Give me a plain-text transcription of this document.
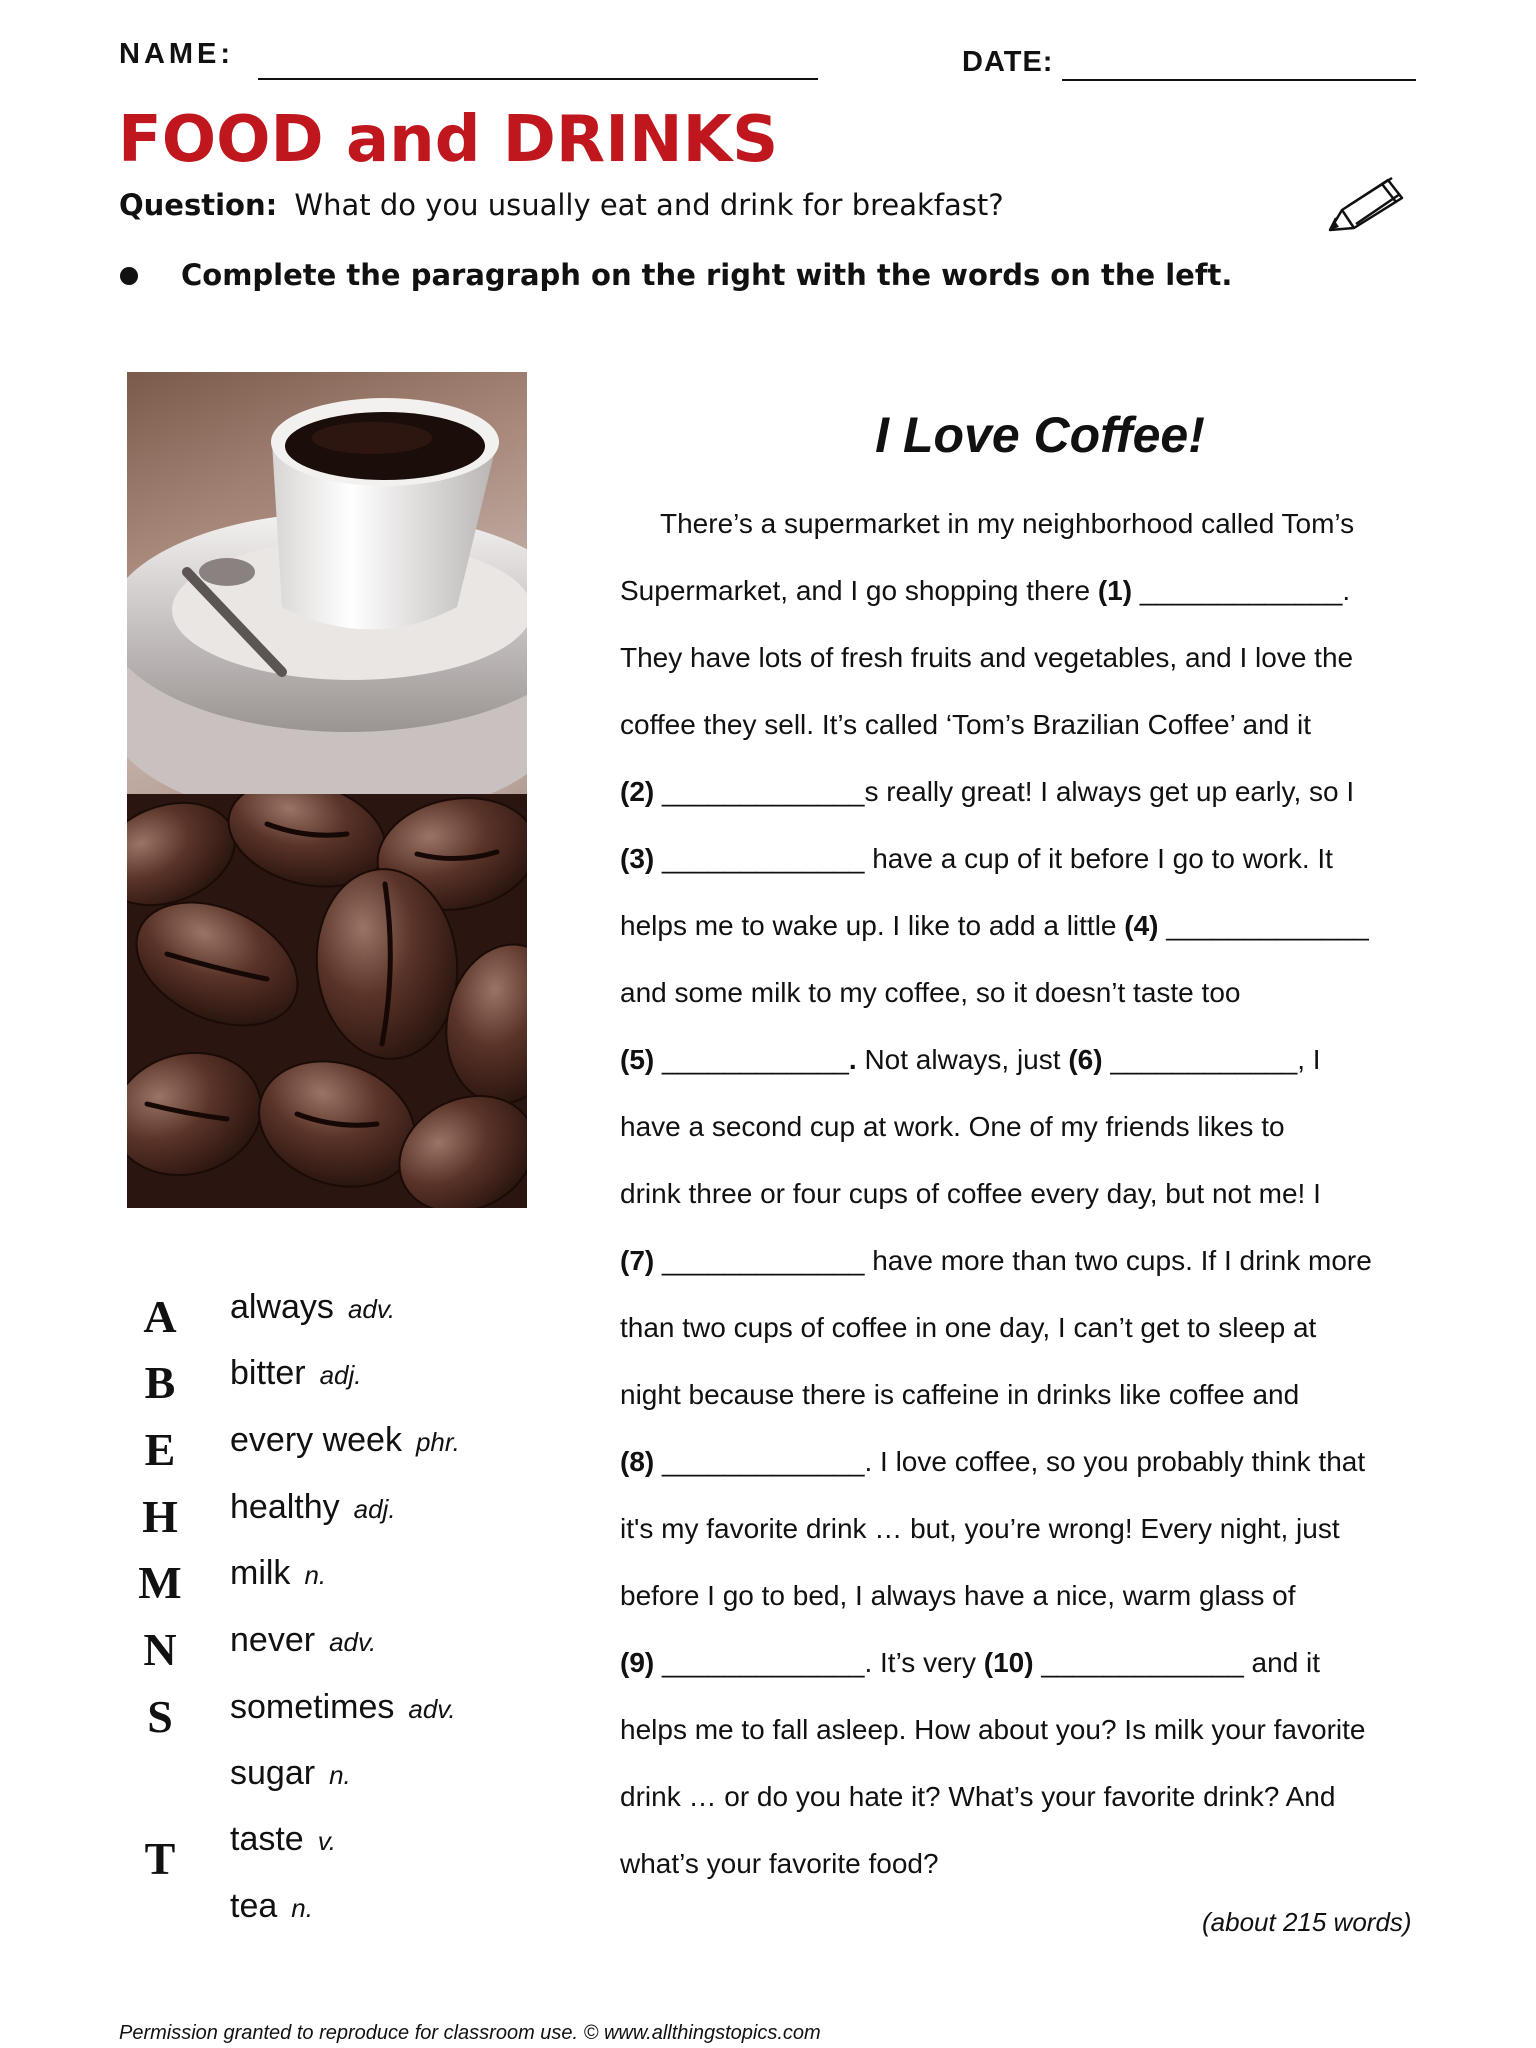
NAME:	DATE:
FOOD and DRINKS
Question: What do you usually eat and drink for breakfast?
Complete the paragraph on the right with the words on the left.
A	always adv.
B	bitter adj.
E	every week phr.
H	healthy adj.
M milk n.
N	never adv.
S	sometimes adv.
sugar n.
T	taste v.
tea n.
I Love Coffee!
There’s a supermarket in my neighborhood called Tom’s
Supermarket, and I go shopping there (1) _____________.
They have lots of fresh fruits and vegetables, and I love the
coffee they sell. It’s called ‘Tom’s Brazilian Coffee’ and it
(2) _____________s really great! I always get up early, so I
(3) _____________ have a cup of it before I go to work. It
helps me to wake up. I like to add a little (4) _____________
and some milk to my coffee, so it doesn’t taste too
(5) ____________. Not always, just (6) ____________, I
have a second cup at work. One of my friends likes to
drink three or four cups of coffee every day, but not me! I
(7) _____________ have more than two cups. If I drink more
than two cups of coffee in one day, I can’t get to sleep at
night because there is caffeine in drinks like coffee and
(8) _____________. I love coffee, so you probably think that
it's my favorite drink … but, you’re wrong! Every night, just
before I go to bed, I always have a nice, warm glass of
(9) _____________. It’s very (10) _____________ and it
helps me to fall asleep. How about you? Is milk your favorite
drink … or do you hate it? What’s your favorite drink? And
what’s your favorite food?
(about 215 words)
Permission granted to reproduce for classroom use. © www.allthingstopics.com
